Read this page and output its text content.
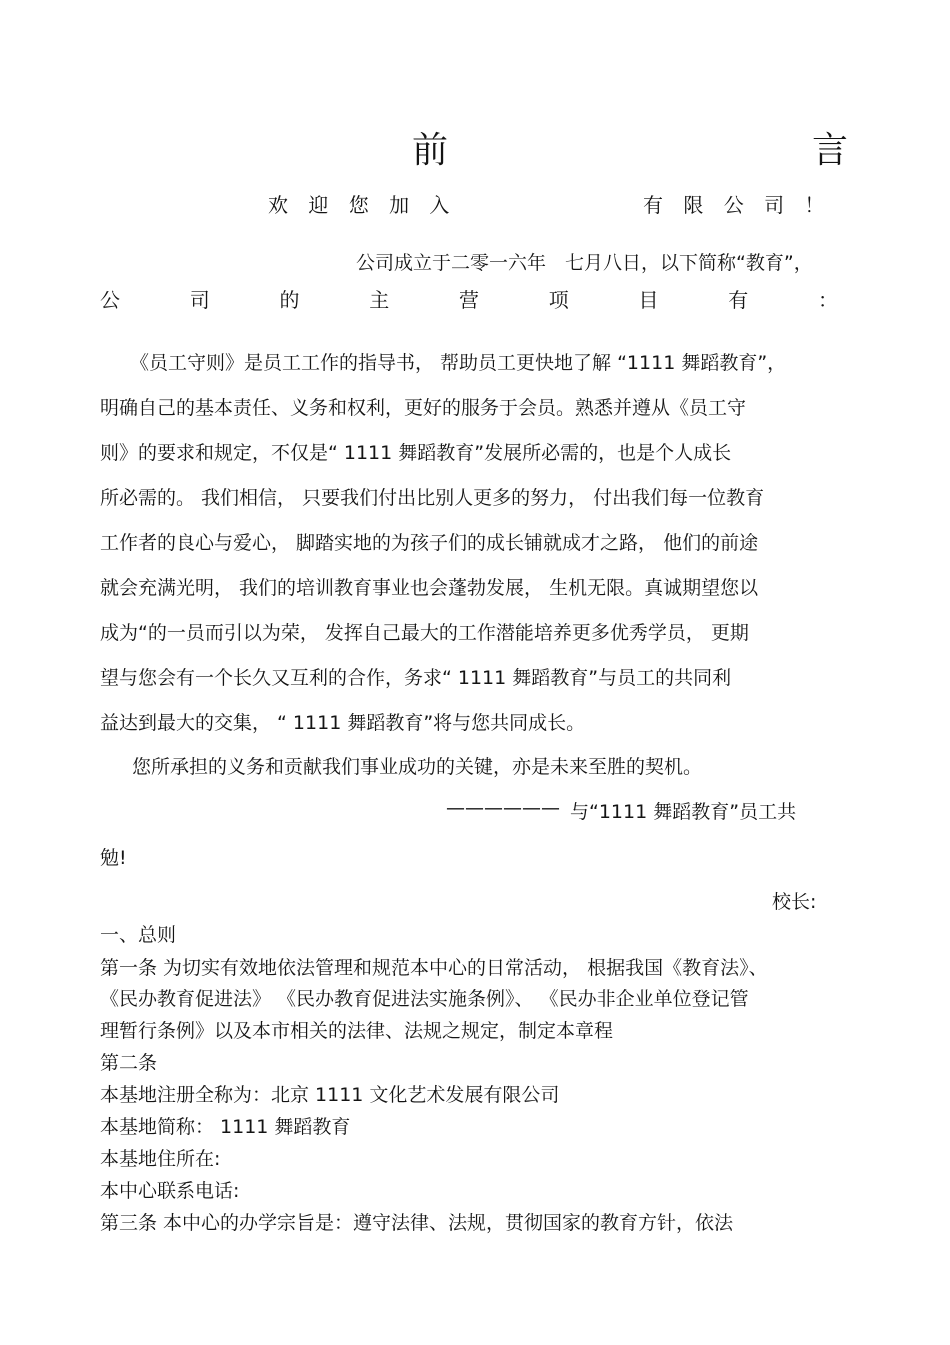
前	言
欢 迎 您 加 入	有 限 公 司 ！
公司成立于二零一六年　七月八日，以下简称“教育”，
公	司	的	主	营	项	目	有	：
《员工守则》是员工工作的指导书， 帮助员工更快地了解 “1111 舞蹈教育”，
明确自己的基本责任、义务和权利，更好的服务于会员。熟悉并遵从《员工守
则》的要求和规定，不仅是“ 1111 舞蹈教育”发展所必需的，也是个人成长
所必需的。 我们相信， 只要我们付出比别人更多的努力， 付出我们每一位教育
工作者的良心与爱心， 脚踏实地的为孩子们的成长铺就成才之路， 他们的前途
就会充满光明， 我们的培训教育事业也会蓬勃发展， 生机无限。真诚期望您以
成为“的一员而引以为荣， 发挥自己最大的工作潜能培养更多优秀学员， 更期
望与您会有一个长久又互利的合作，务求“ 1111 舞蹈教育”与员工的共同利
益达到最大的交集， “ 1111 舞蹈教育”将与您共同成长。
您所承担的义务和贡献我们事业成功的关键，亦是未来至胜的契机。
—————— 与“1111 舞蹈教育”员工共
勉!
校长:
一、总则
第一条 为切实有效地依法管理和规范本中心的日常活动， 根据我国《教育法》、
《民办教育促进法》 《民办教育促进法实施条例》、 《民办非企业单位登记管
理暂行条例》以及本市相关的法律、法规之规定，制定本章程
第二条
本基地注册全称为：北京 1111 文化艺术发展有限公司
本基地简称： 1111 舞蹈教育
本基地住所在:
本中心联系电话:
第三条 本中心的办学宗旨是：遵守法律、法规，贯彻国家的教育方针，依法
